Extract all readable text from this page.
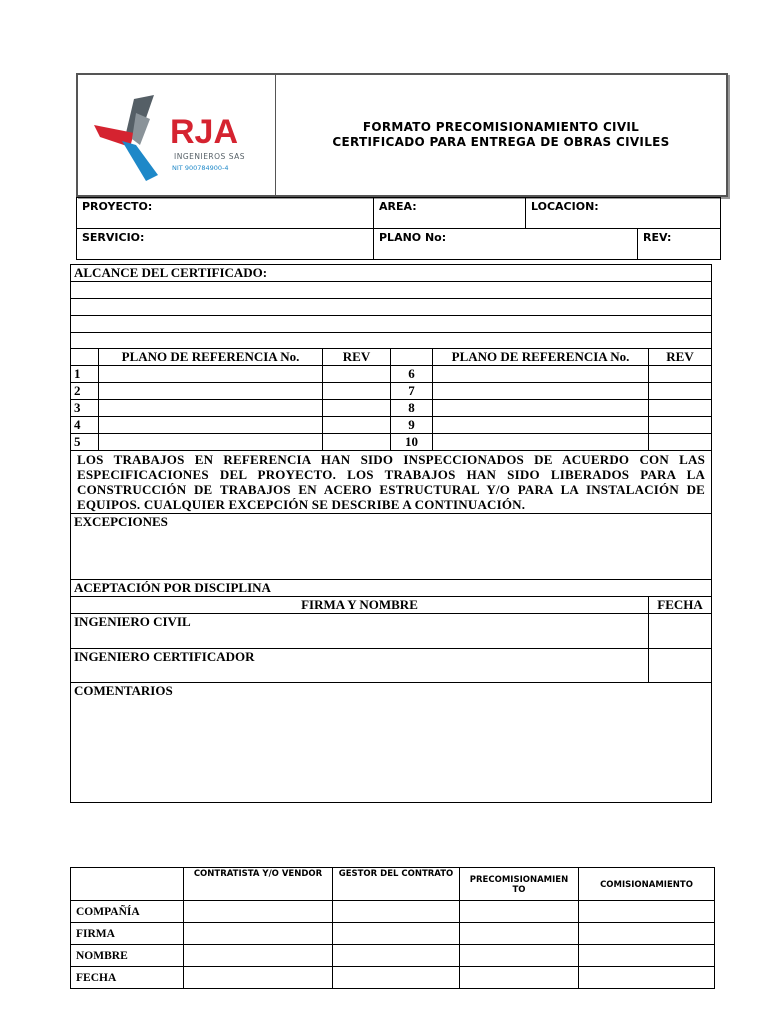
RJA
INGENIEROS SAS
NIT 900784900-4
FORMATO PRECOMISIONAMIENTO CIVIL
CERTIFICADO PARA ENTREGA DE OBRAS CIVILES
PROYECTO:	AREA:	LOCACION:	
SERVICIO:	PLANO No:		REV:
ALCANCE DEL CERTIFICADO:					

	PLANO DE REFERENCIA No.	REV		PLANO DE REFERENCIA No.	REV
1			6		
2			7		
3			8		
4			9		
5			10		
LOS TRABAJOS EN REFERENCIA HAN SIDO INSPECCIONADOS DE ACUERDO CON LAS ESPECIFICACIONES DEL PROYECTO. LOS TRABAJOS HAN SIDO LIBERADOS PARA LA CONSTRUCCIÓN DE TRABAJOS EN ACERO ESTRUCTURAL Y/O PARA LA INSTALACIÓN DE EQUIPOS. CUALQUIER EXCEPCIÓN SE DESCRIBE A CONTINUACIÓN.					
EXCEPCIONES					
ACEPTACIÓN POR DISCIPLINA					
FIRMA Y NOMBRE					FECHA
INGENIERO CIVIL					
INGENIERO CERTIFICADOR					
COMENTARIOS					
	CONTRATISTA Y/O VENDOR	GESTOR DEL CONTRATO	PRECOMISIONAMIEN TO	COMISIONAMIENTO
COMPAÑÍA				
FIRMA				
NOMBRE				
FECHA				
